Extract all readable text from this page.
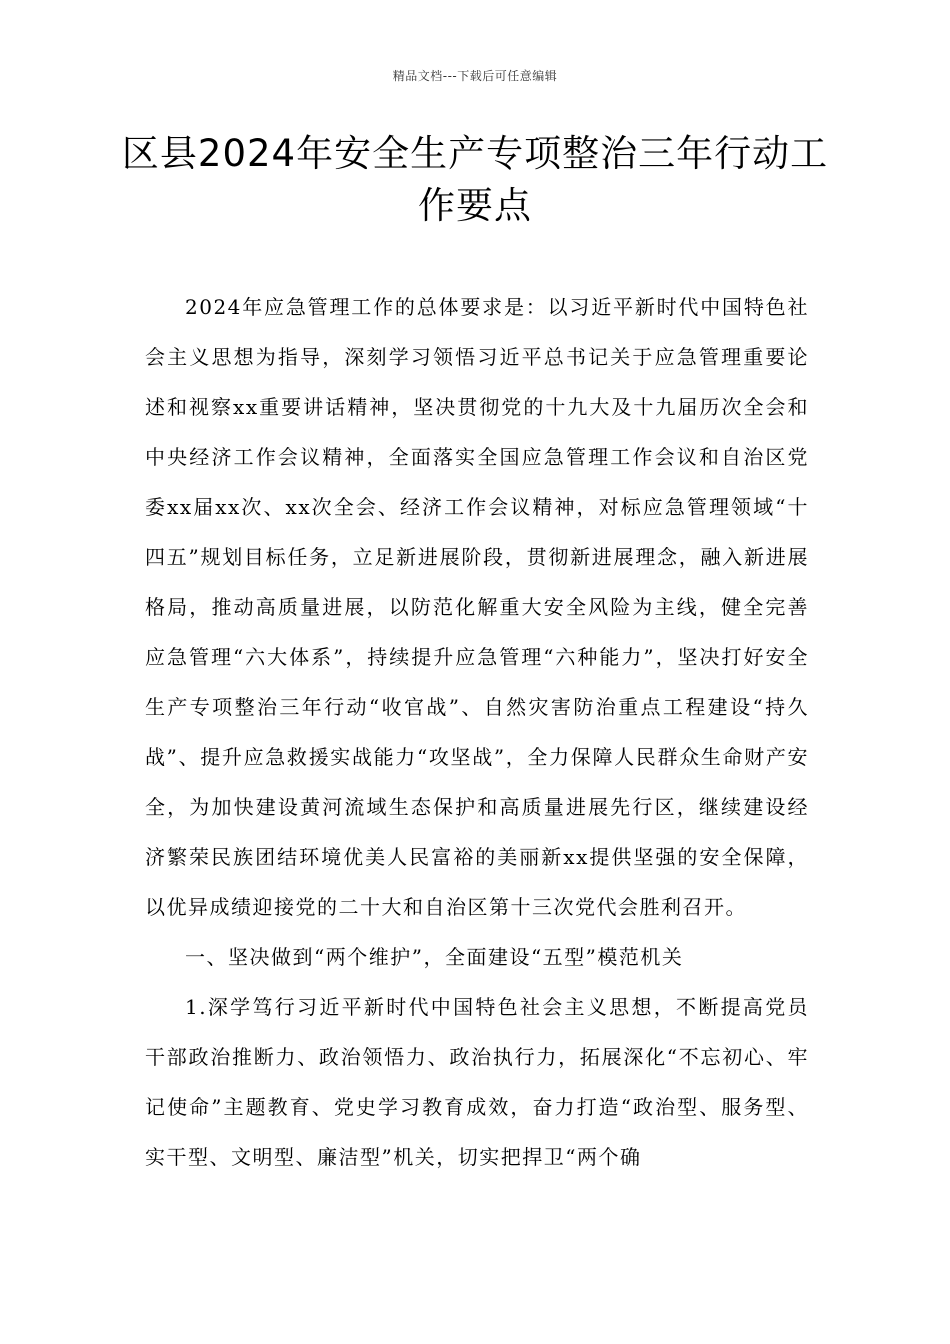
精品文档---下载后可任意编辑
区县2024年安全生产专项整治三年行动工作要点

2024年应急管理工作的总体要求是：以习近平新时代中国特色社会主义思想为指导，深刻学习领悟习近平总书记关于应急管理重要论述和视察xx重要讲话精神，坚决贯彻党的十九大及十九届历次全会和中央经济工作会议精神，全面落实全国应急管理工作会议和自治区党委xx届xx次、xx次全会、经济工作会议精神，对标应急管理领域“十四五”规划目标任务，立足新进展阶段，贯彻新进展理念，融入新进展格局，推动高质量进展，以防范化解重大安全风险为主线，健全完善应急管理“六大体系”，持续提升应急管理“六种能力”，坚决打好安全生产专项整治三年行动“收官战”、自然灾害防治重点工程建设“持久战”、提升应急救援实战能力“攻坚战”，全力保障人民群众生命财产安全，为加快建设黄河流域生态保护和高质量进展先行区，继续建设经济繁荣民族团结环境优美人民富裕的美丽新xx提供坚强的安全保障，以优异成绩迎接党的二十大和自治区第十三次党代会胜利召开。

一、坚决做到“两个维护”，全面建设“五型”模范机关

1.深学笃行习近平新时代中国特色社会主义思想，不断提高党员干部政治推断力、政治领悟力、政治执行力，拓展深化“不忘初心、牢记使命”主题教育、党史学习教育成效，奋力打造“政治型、服务型、实干型、文明型、廉洁型”机关，切实把捍卫“两个确
